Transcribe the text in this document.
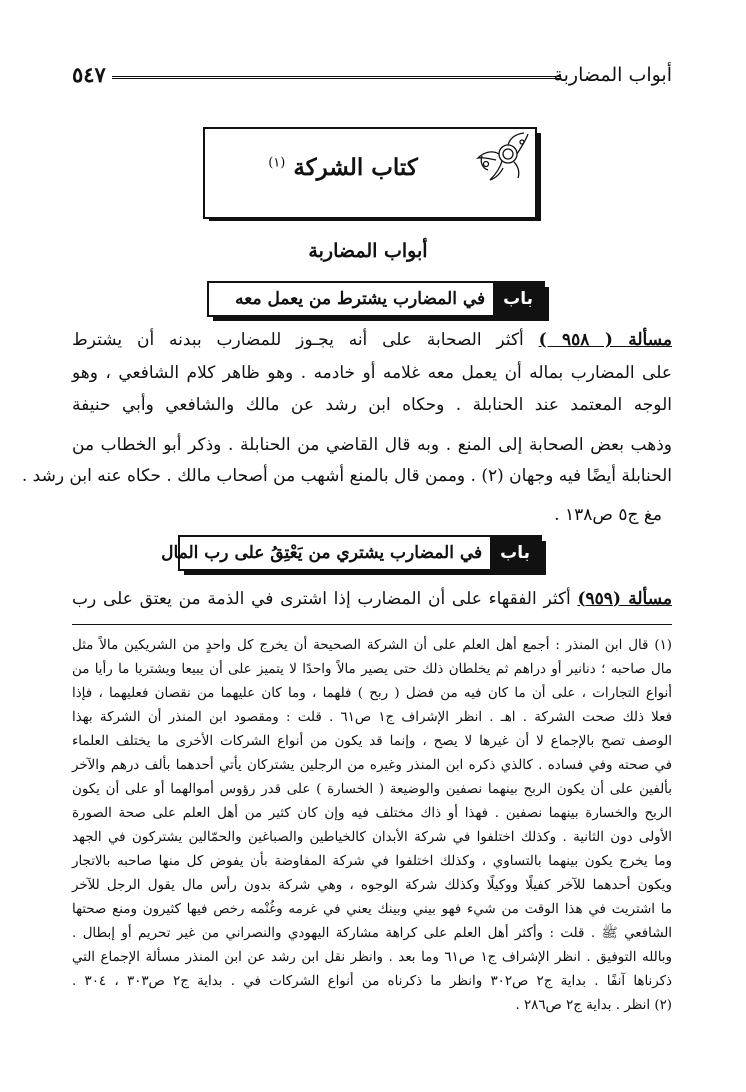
٥٤٧	أبواب المضاربة
كتاب الشركة $^{(١)}$
أبواب المضاربة
باب
في المضارب يشترط من يعمل معه
مسألة ( ٩٥٨ ) أكثر الصحابة على أنه يجـوز للمضارب ببدنه أن يشترط
على المضارب بماله أن يعمل معه غلامه أو خادمه . وهو ظاهر كلام الشافعي ، وهو
الوجه المعتمد عند الحنابلة . وحكاه ابن رشد عن مالك والشافعي وأبي حنيفة
وذهب بعض الصحابة إلى المنع . وبه قال القاضي من الحنابلة . وذكر أبو الخطاب من
الحنابلة أيضًا فيه وجهان (٢) . وممن قال بالمنع أشهب من أصحاب مالك . حكاه عنه ابن رشد .
مغ ج٥ ص١٣٨ .
باب
في المضارب يشتري من يَعْتِقُ على رب المال
مسألة (٩٥٩) أكثر الفقهاء على أن المضارب إذا اشترى في الذمة من يعتق على رب
(١) قال ابن المنذر : أجمع أهل العلم على أن الشركة الصحيحة أن يخرج كل واحدٍ من الشريكين مالاً مثل
مال صاحبه ؛ دنانير أو دراهم ثم يخلطان ذلك حتى يصير مالاً واحدًا لا يتميز على أن يبيعا ويشتريا ما رأيا من
أنواع التجارات ، على أن ما كان فيه من فضل ( ربح ) فلهما ، وما كان عليهما من نقصان فعليهما ، فإذا
فعلا ذلك صحت الشركة . اهـ . انظر الإشراف ج١ ص٦١ . قلت : ومقصود ابن المنذر أن الشركة بهذا
الوصف تصح بالإجماع لا أن غيرها لا يصح ، وإنما قد يكون من أنواع الشركات الأخرى ما يختلف العلماء
في صحته وفي فساده . كالذي ذكره ابن المنذر وغيره من الرجلين يشتركان يأتي أحدهما بألف درهم والآخر
بألفين على أن يكون الربح بينهما نصفين والوضيعة ( الخسارة ) على قدر رؤوس أموالهما أو على أن يكون
الربح والخسارة بينهما نصفين . فهذا أو ذاك مختلف فيه وإن كان كثير من أهل العلم على صحة الصورة
الأولى دون الثانية . وكذلك اختلفوا في شركة الأبدان كالخياطين والصباغين والحمّالين يشتركون في الجهد
وما يخرج يكون بينهما بالتساوي ، وكذلك اختلفوا في شركة المفاوضة بأن يفوض كل منها صاحبه بالاتجار
ويكون أحدهما للآخر كفيلًا ووكيلًا وكذلك شركة الوجوه ، وهي شركة بدون رأس مال يقول الرجل للآخر
ما اشتريت في هذا الوقت من شيء فهو بيني وبينك يعني في غرمه وغُنْمه رخص فيها كثيرون ومنع صحتها
الشافعي ﷺ . قلت : وأكثر أهل العلم على كراهة مشاركة اليهودي والنصراني من غير تحريم أو إبطال .
وبالله التوفيق . انظر الإشراف ج١ ص٦١ وما بعد . وانظر نقل ابن رشد عن ابن المنذر مسألة الإجماع التي
ذكرناها آنفًا . بداية ج٢ ص٣٠٢ وانظر ما ذكرناه من أنواع الشركات في . بداية ج٢ ص٣٠٣ ، ٣٠٤ .
(٢) انظر . بداية ج٢ ص٢٨٦ .
